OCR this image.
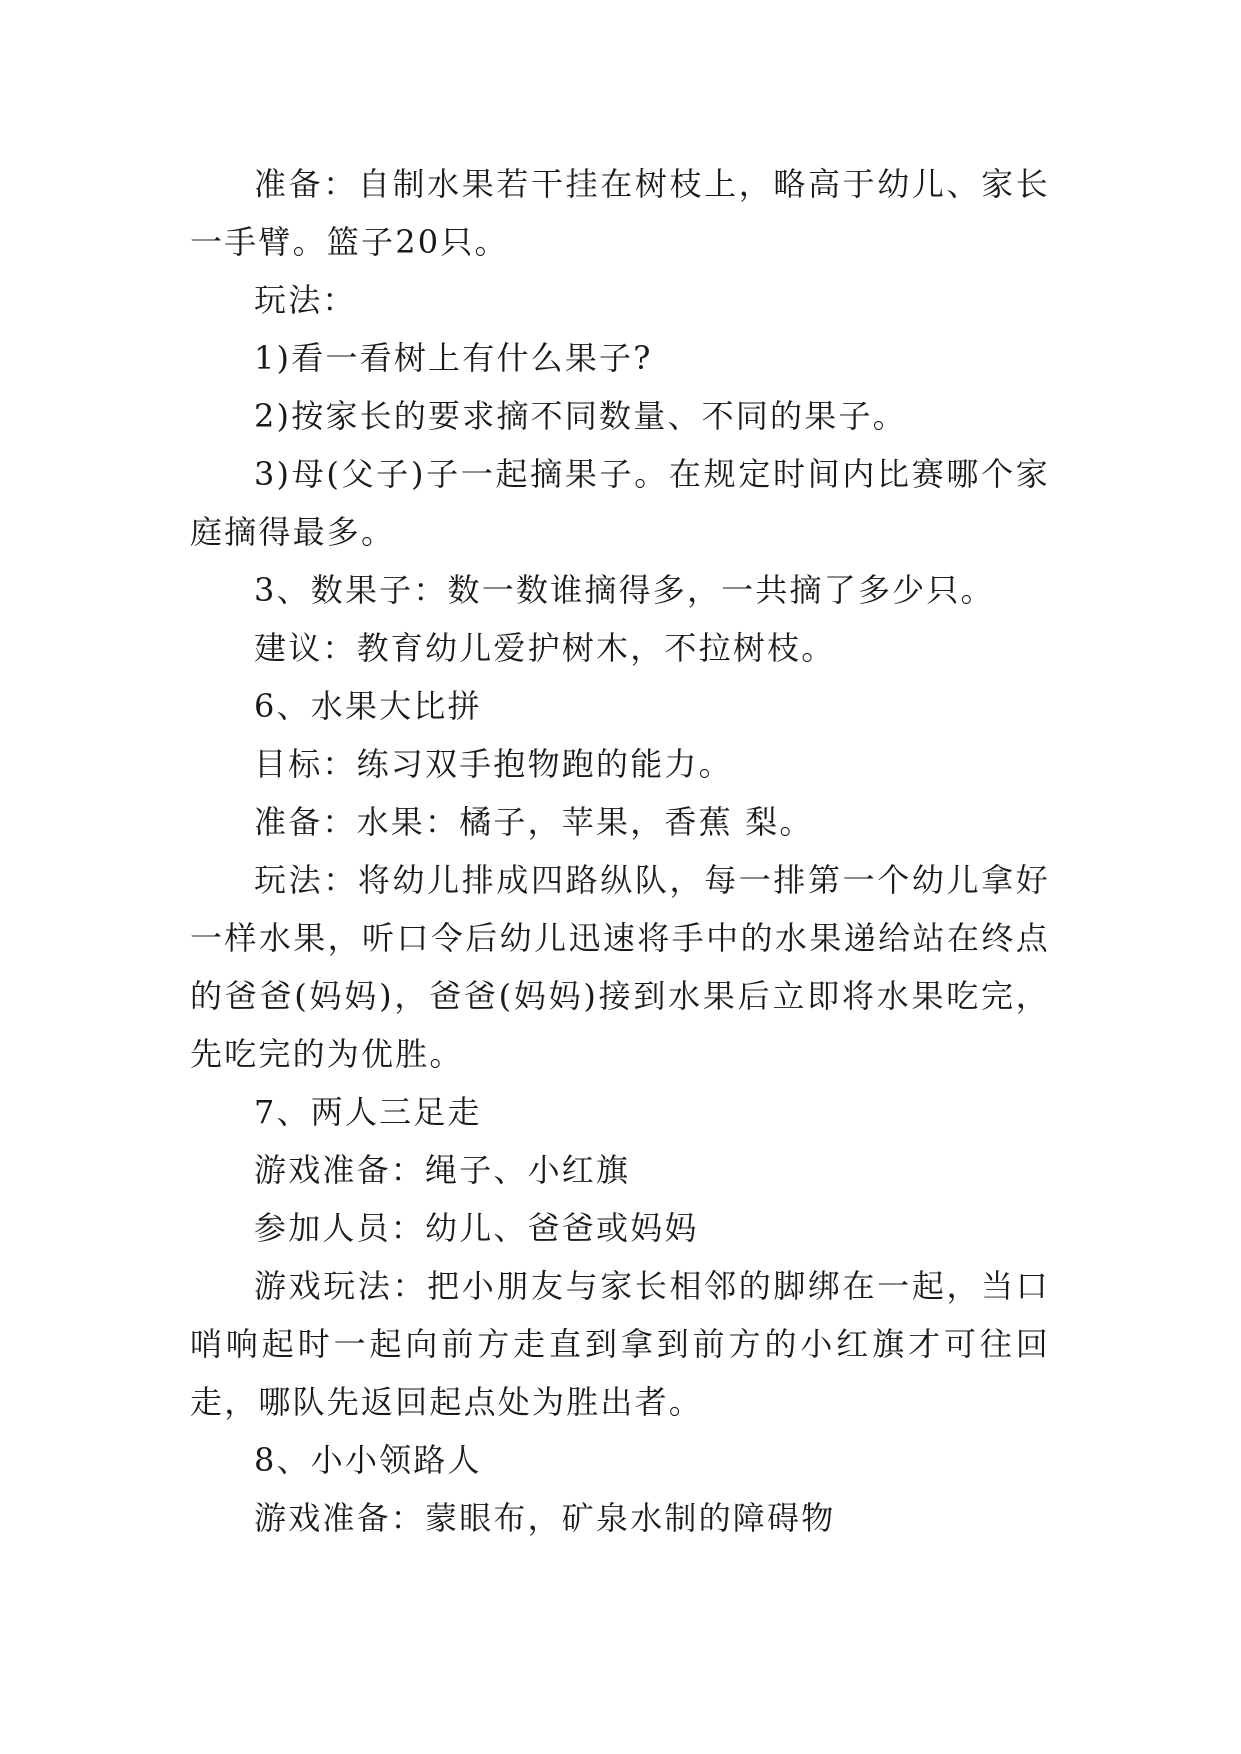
准备：自制水果若干挂在树枝上，略高于幼儿、家长一手臂。篮子20只。

玩法：

1)看一看树上有什么果子?

2)按家长的要求摘不同数量、不同的果子。

3)母(父子)子一起摘果子。在规定时间内比赛哪个家庭摘得最多。

3、数果子：数一数谁摘得多，一共摘了多少只。

建议：教育幼儿爱护树木，不拉树枝。

6、水果大比拼

目标：练习双手抱物跑的能力。

准备：水果：橘子，苹果，香蕉 梨。

玩法：将幼儿排成四路纵队，每一排第一个幼儿拿好一样水果，听口令后幼儿迅速将手中的水果递给站在终点的爸爸(妈妈)，爸爸(妈妈)接到水果后立即将水果吃完，先吃完的为优胜。

7、两人三足走

游戏准备：绳子、小红旗

参加人员：幼儿、爸爸或妈妈

游戏玩法：把小朋友与家长相邻的脚绑在一起，当口哨响起时一起向前方走直到拿到前方的小红旗才可往回走，哪队先返回起点处为胜出者。

8、小小领路人

游戏准备：蒙眼布，矿泉水制的障碍物
